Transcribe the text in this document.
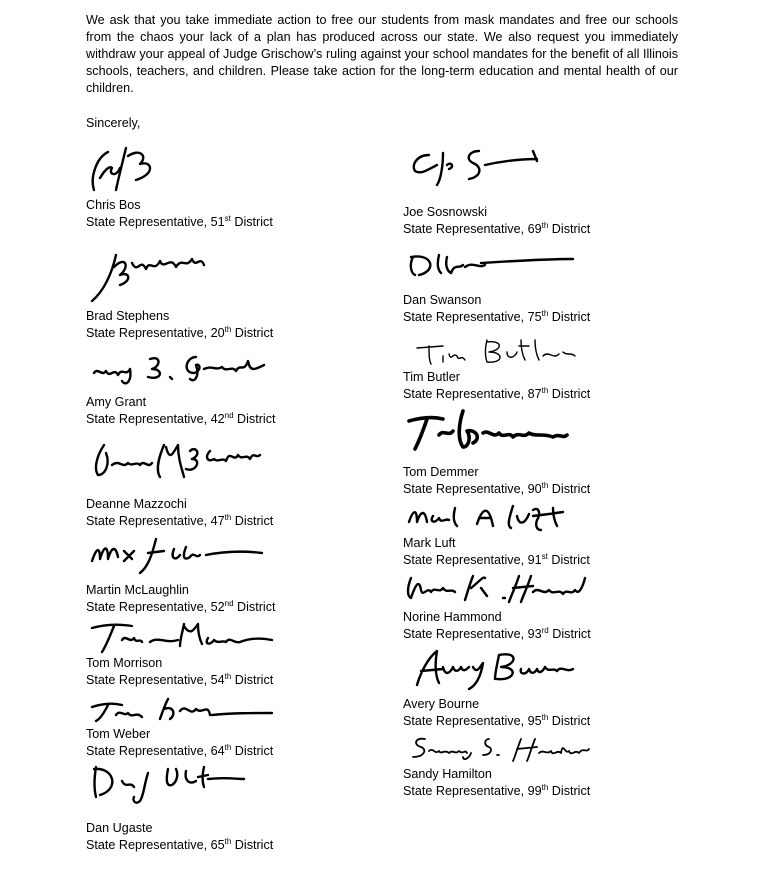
We ask that you take immediate action to free our students from mask mandates and free our schools from the chaos your lack of a plan has produced across our state. We also request you immediately withdraw your appeal of Judge Grischow’s ruling against your school mandates for the benefit of all Illinois schools, teachers, and children. Please take action for the long-term education and mental health of our children.

Sincerely,

Chris Bos

State Representative, 51st District

Brad Stephens

State Representative, 20th District

Amy Grant

State Representative, 42nd District

Deanne Mazzochi

State Representative, 47th District

Martin McLaughlin

State Representative, 52nd District

Tom Morrison

State Representative, 54th District

Tom Weber

State Representative, 64th District

Dan Ugaste

State Representative, 65th District

Joe Sosnowski

State Representative, 69th District

Dan Swanson

State Representative, 75th District

Tim Butler

State Representative, 87th District

Tom Demmer

State Representative, 90th District

Mark Luft

State Representative, 91st District

Norine Hammond

State Representative, 93rd District

Avery Bourne

State Representative, 95th District

Sandy Hamilton

State Representative, 99th District
